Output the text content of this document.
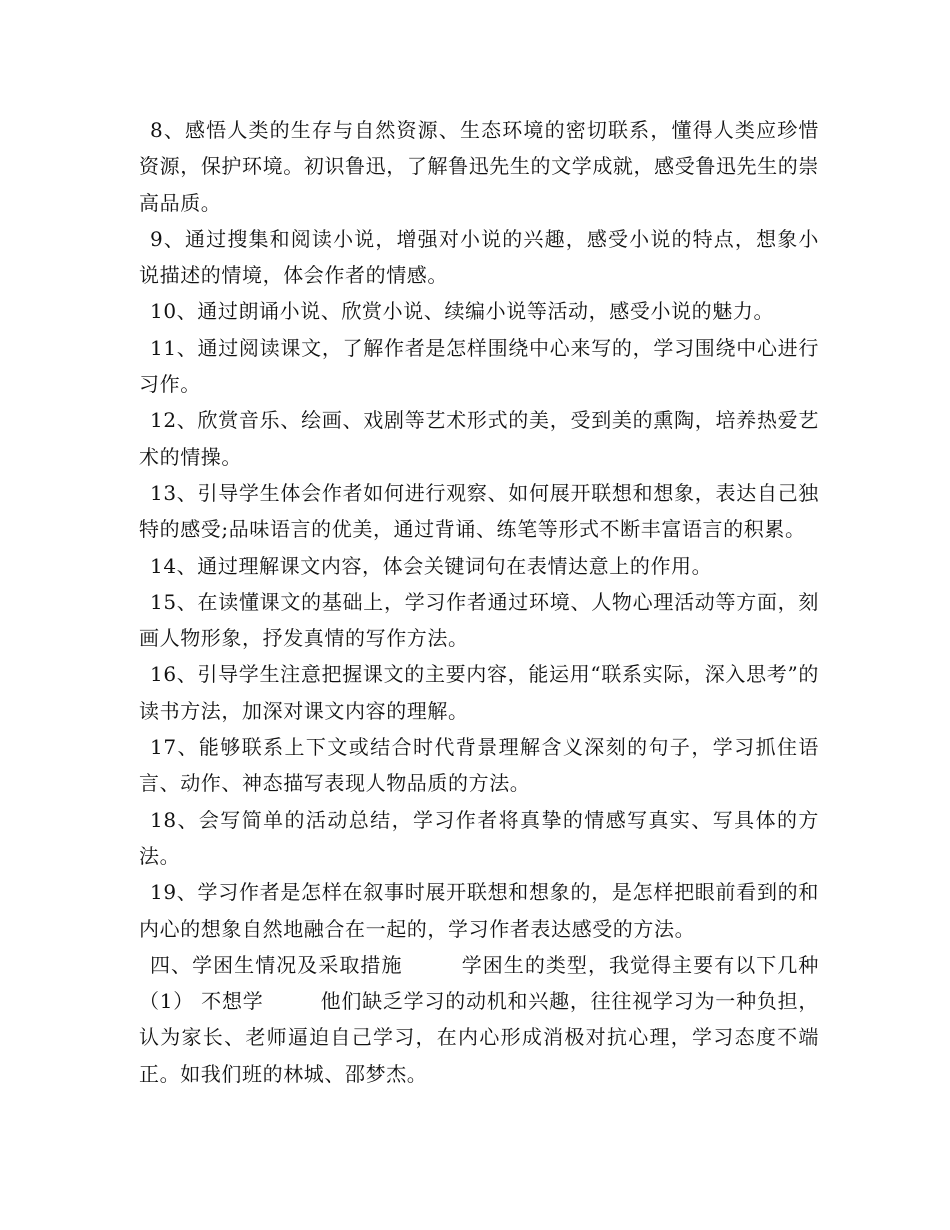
8、感悟人类的生存与自然资源、生态环境的密切联系，懂得人类应珍惜资源，保护环境。初识鲁迅，了解鲁迅先生的文学成就，感受鲁迅先生的崇高品质。

9、通过搜集和阅读小说，增强对小说的兴趣，感受小说的特点，想象小说描述的情境，体会作者的情感。

10、通过朗诵小说、欣赏小说、续编小说等活动，感受小说的魅力。

11、通过阅读课文，了解作者是怎样围绕中心来写的，学习围绕中心进行习作。

12、欣赏音乐、绘画、戏剧等艺术形式的美，受到美的熏陶，培养热爱艺术的情操。

13、引导学生体会作者如何进行观察、如何展开联想和想象，表达自己独特的感受;品味语言的优美，通过背诵、练笔等形式不断丰富语言的积累。

14、通过理解课文内容，体会关键词句在表情达意上的作用。

15、在读懂课文的基础上，学习作者通过环境、人物心理活动等方面，刻画人物形象，抒发真情的写作方法。

16、引导学生注意把握课文的主要内容，能运用“联系实际，深入思考”的读书方法，加深对课文内容的理解。

17、能够联系上下文或结合时代背景理解含义深刻的句子，学习抓住语言、动作、神态描写表现人物品质的方法。

18、会写简单的活动总结，学习作者将真挚的情感写真实、写具体的方法。

19、学习作者是怎样在叙事时展开联想和想象的，是怎样把眼前看到的和内心的想象自然地融合在一起的，学习作者表达感受的方法。

四、学困生情况及采取措施        学困生的类型，我觉得主要有以下几种        （1） 不想学        他们缺乏学习的动机和兴趣，往往视学习为一种负担，认为家长、老师逼迫自己学习，在内心形成消极对抗心理，学习态度不端正。如我们班的林城、邵梦杰。
